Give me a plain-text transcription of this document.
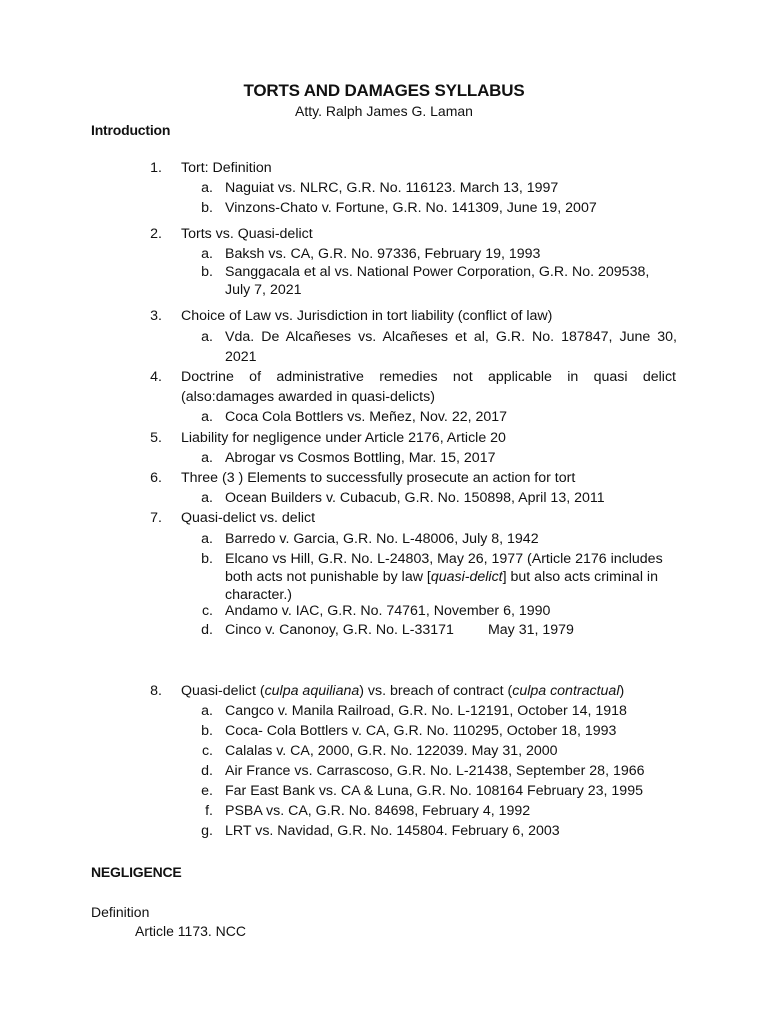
TORTS AND DAMAGES SYLLABUS
Atty. Ralph James G. Laman
Introduction
1. Tort: Definition
a. Naguiat vs. NLRC, G.R. No. 116123. March 13, 1997
b. Vinzons-Chato v. Fortune, G.R. No. 141309, June 19, 2007
2. Torts vs. Quasi-delict
a. Baksh vs. CA, G.R. No. 97336, February 19, 1993
b. Sanggacala et al vs. National Power Corporation, G.R. No. 209538,
July 7, 2021
3. Choice of Law vs. Jurisdiction in tort liability (conflict of law)
a. Vda. De Alcañeses vs. Alcañeses et al, G.R. No. 187847, June 30,
2021
4. Doctrine of administrative remedies not applicable in quasi delict
(also:damages awarded in quasi-delicts)
a. Coca Cola Bottlers vs. Meñez, Nov. 22, 2017
5. Liability for negligence under Article 2176, Article 20
a. Abrogar vs Cosmos Bottling, Mar. 15, 2017
6. Three (3 ) Elements to successfully prosecute an action for tort
a. Ocean Builders v. Cubacub, G.R. No. 150898, April 13, 2011
7. Quasi-delict vs. delict
a. Barredo v. Garcia, G.R. No. L-48006, July 8, 1942
b. Elcano vs Hill, G.R. No. L-24803, May 26, 1977 (Article 2176 includes
both acts not punishable by law [quasi-delict] but also acts criminal in
character.)
c. Andamo v. IAC, G.R. No. 74761, November 6, 1990
d. Cinco v. Canonoy, G.R. No. L-33171 May 31, 1979
8. Quasi-delict (culpa aquiliana) vs. breach of contract (culpa contractual)
a. Cangco v. Manila Railroad, G.R. No. L-12191, October 14, 1918
b. Coca- Cola Bottlers v. CA, G.R. No. 110295, October 18, 1993
c. Calalas v. CA, 2000, G.R. No. 122039. May 31, 2000
d. Air France vs. Carrascoso, G.R. No. L-21438, September 28, 1966
e. Far East Bank vs. CA & Luna, G.R. No. 108164 February 23, 1995
f. PSBA vs. CA, G.R. No. 84698, February 4, 1992
g. LRT vs. Navidad, G.R. No. 145804. February 6, 2003
NEGLIGENCE
Definition
Article 1173. NCC
